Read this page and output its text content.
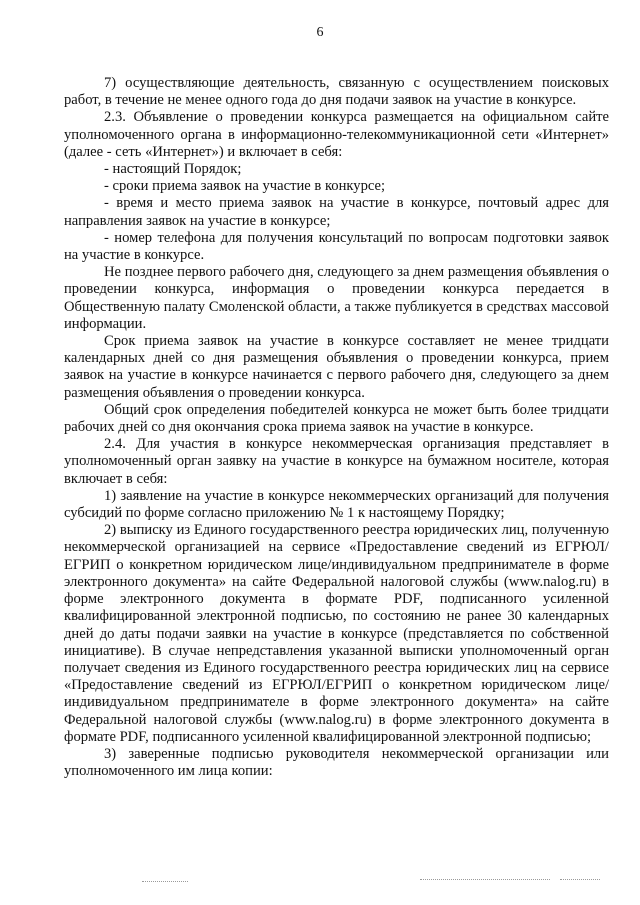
6

7) осуществляющие деятельность, связанную с осуществлением поисковых работ, в течение не менее одного года до дня подачи заявок на участие в конкурсе.

2.3. Объявление о проведении конкурса размещается на официальном сайте уполномоченного органа в информационно-телекоммуникационной сети «Интернет» (далее - сеть «Интернет») и включает в себя:

- настоящий Порядок;

- сроки приема заявок на участие в конкурсе;

- время и место приема заявок на участие в конкурсе, почтовый адрес для направления заявок на участие в конкурсе;

- номер телефона для получения консультаций по вопросам подготовки заявок на участие в конкурсе.

Не позднее первого рабочего дня, следующего за днем размещения объявления о проведении конкурса, информация о проведении конкурса передается в Общественную палату Смоленской области, а также публикуется в средствах массовой информации.

Срок приема заявок на участие в конкурсе составляет не менее тридцати календарных дней со дня размещения объявления о проведении конкурса, прием заявок на участие в конкурсе начинается с первого рабочего дня, следующего за днем размещения объявления о проведении конкурса.

Общий срок определения победителей конкурса не может быть более тридцати рабочих дней со дня окончания срока приема заявок на участие в конкурсе.

2.4. Для участия в конкурсе некоммерческая организация представляет в уполномоченный орган заявку на участие в конкурсе на бумажном носителе, которая включает в себя:

1) заявление на участие в конкурсе некоммерческих организаций для получения субсидий по форме согласно приложению № 1 к настоящему Порядку;

2) выписку из Единого государственного реестра юридических лиц, полученную некоммерческой организацией на сервисе «Предоставление сведений из ЕГРЮЛ/ЕГРИП о конкретном юридическом лице/индивидуальном предпринимателе в форме электронного документа» на сайте Федеральной налоговой службы (www.nalog.ru) в форме электронного документа в формате PDF, подписанного усиленной квалифицированной электронной подписью, по состоянию не ранее 30 календарных дней до даты подачи заявки на участие в конкурсе (представляется по собственной инициативе). В случае непредставления указанной выписки уполномоченный орган получает сведения из Единого государственного реестра юридических лиц на сервисе «Предоставление сведений из ЕГРЮЛ/ЕГРИП о конкретном юридическом лице/индивидуальном предпринимателе в форме электронного документа» на сайте Федеральной налоговой службы (www.nalog.ru) в форме электронного документа в формате PDF, подписанного усиленной квалифицированной электронной подписью;

3) заверенные подписью руководителя некоммерческой организации или уполномоченного им лица копии:
